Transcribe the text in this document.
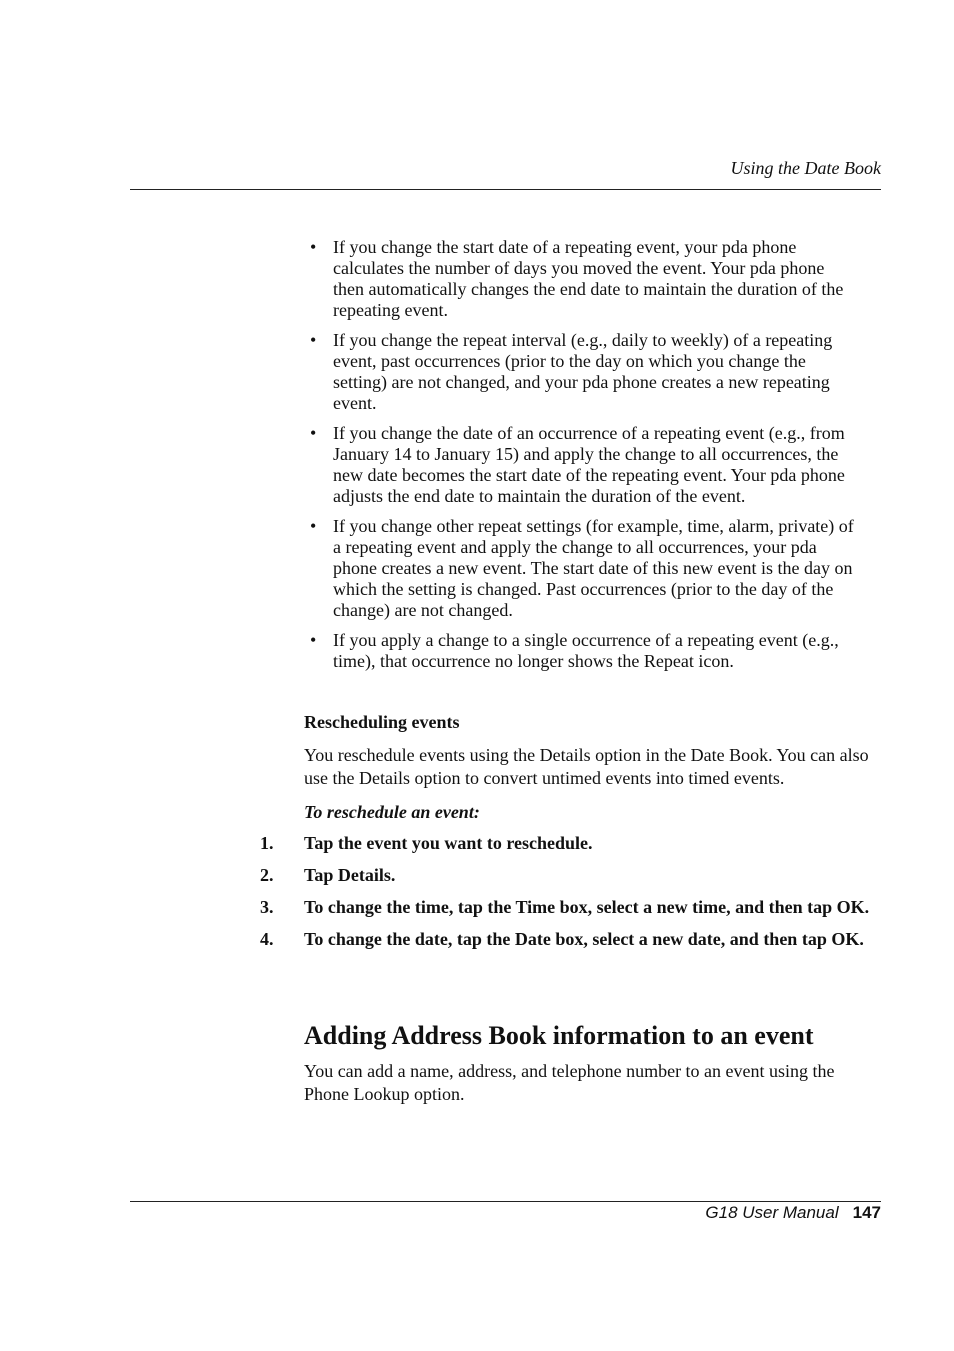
Using the Date Book
• If you change the start date of a repeating event, your pda phone calculates the number of days you moved the event. Your pda phone then automatically changes the end date to maintain the duration of the repeating event.
• If you change the repeat interval (e.g., daily to weekly) of a repeating event, past occurrences (prior to the day on which you change the setting) are not changed, and your pda phone creates a new repeating event.
• If you change the date of an occurrence of a repeating event (e.g., from January 14 to January 15) and apply the change to all occurrences, the new date becomes the start date of the repeating event. Your pda phone adjusts the end date to maintain the duration of the event.
• If you change other repeat settings (for example, time, alarm, private) of a repeating event and apply the change to all occurrences, your pda phone creates a new event. The start date of this new event is the day on which the setting is changed. Past occurrences (prior to the day of the change) are not changed.
• If you apply a change to a single occurrence of a repeating event (e.g., time), that occurrence no longer shows the Repeat icon.
Rescheduling events

You reschedule events using the Details option in the Date Book. You can also use the Details option to convert untimed events into timed events.

To reschedule an event:
1. Tap the event you want to reschedule.
2. Tap Details.
3. To change the time, tap the Time box, select a new time, and then tap OK.
4. To change the date, tap the Date box, select a new date, and then tap OK.
Adding Address Book information to an event

You can add a name, address, and telephone number to an event using the Phone Lookup option.

G18 User Manual 147
